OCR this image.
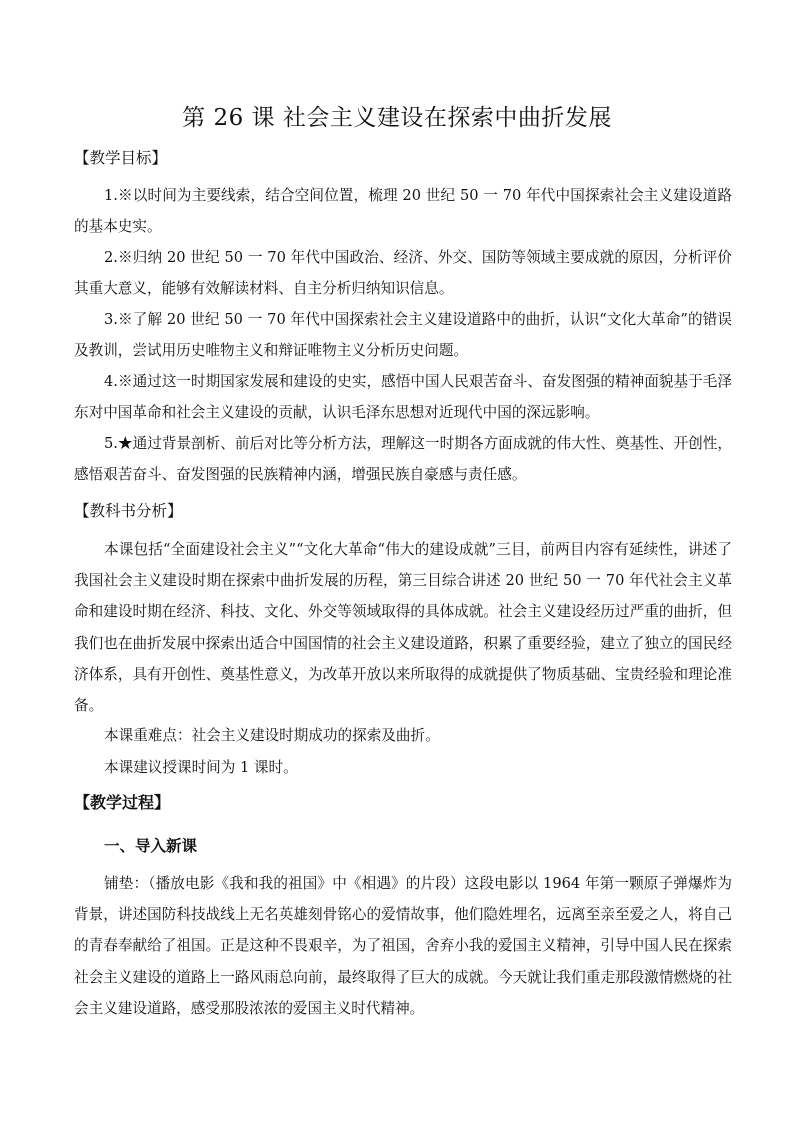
第 26 课 社会主义建设在探索中曲折发展
【教学目标】
1.※以时间为主要线索，结合空间位置，梳理 20 世纪 50 一 70 年代中国探索社会主义建设道路的基本史实。
2.※归纳 20 世纪 50 一 70 年代中国政治、经济、外交、国防等领域主要成就的原因，分析评价其重大意义，能够有效解读材料、自主分析归纳知识信息。
3.※了解 20 世纪 50 一 70 年代中国探索社会主义建设道路中的曲折，认识“文化大革命”的错误及教训，尝试用历史唯物主义和辩证唯物主义分析历史问题。
4.※通过这一时期国家发展和建设的史实，感悟中国人民艰苦奋斗、奋发图强的精神面貌基于毛泽东对中国革命和社会主义建设的贡献，认识毛泽东思想对近现代中国的深远影响。
5.★通过背景剖析、前后对比等分析方法，理解这一时期各方面成就的伟大性、奠基性、开创性，感悟艰苦奋斗、奋发图强的民族精神内涵，增强民族自豪感与责任感。
【教科书分析】
本课包括“全面建设社会主义”“文化大革命“伟大的建设成就”三目，前两目内容有延续性，讲述了我国社会主义建设时期在探索中曲折发展的历程，第三目综合讲述 20 世纪 50 一 70 年代社会主义革命和建设时期在经济、科技、文化、外交等领域取得的具体成就。社会主义建设经历过严重的曲折，但我们也在曲折发展中探索出适合中国国情的社会主义建设道路，积累了重要经验，建立了独立的国民经济体系，具有开创性、奠基性意义，为改革开放以来所取得的成就提供了物质基础、宝贵经验和理论准备。
本课重难点：社会主义建设时期成功的探索及曲折。
本课建议授课时间为 1 课时。
【教学过程】
一、导入新课
铺垫：（播放电影《我和我的祖国》中《相遇》的片段）这段电影以 1964 年第一颗原子弹爆炸为背景，讲述国防科技战线上无名英雄刻骨铭心的爱情故事，他们隐姓埋名，远离至亲至爱之人，将自己的青春奉献给了祖国。正是这种不畏艰辛，为了祖国，舍弃小我的爱国主义精神，引导中国人民在探索社会主义建设的道路上一路风雨总向前，最终取得了巨大的成就。今天就让我们重走那段激情燃烧的社会主义建设道路，感受那股浓浓的爱国主义时代精神。
